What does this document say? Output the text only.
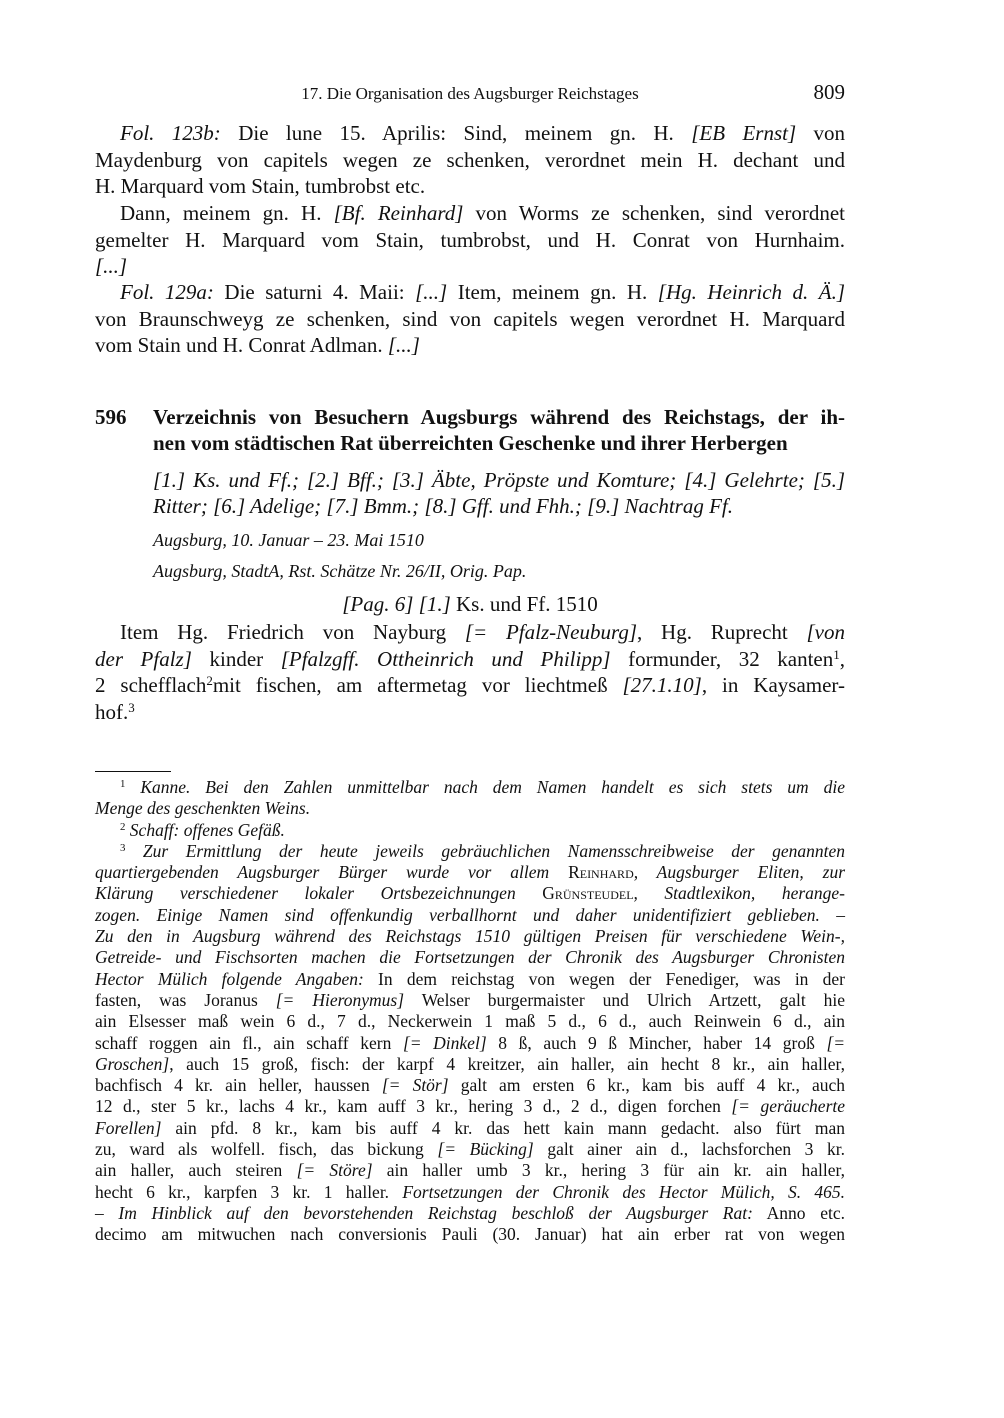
17. Die Organisation des Augsburger Reichstages	809
Fol. 123b: Die lune 15. Aprilis: Sind, meinem gn. H. [EB Ernst] von
Maydenburg von capitels wegen ze schenken, verordnet mein H. dechant und
H. Marquard vom Stain, tumbrobst etc.
Dann, meinem gn. H. [Bf. Reinhard] von Worms ze schenken, sind verordnet
gemelter H. Marquard vom Stain, tumbrobst, und H. Conrat von Hurnhaim.
[...]
Fol. 129a: Die saturni 4. Maii: [...] Item, meinem gn. H. [Hg. Heinrich d. Ä.]
von Braunschweyg ze schenken, sind von capitels wegen verordnet H. Marquard
vom Stain und H. Conrat Adlman. [...]
596 Verzeichnis von Besuchern Augsburgs während des Reichstags, der ih-
nen vom städtischen Rat überreichten Geschenke und ihrer Herbergen
[1.] Ks. und Ff.; [2.] Bff.; [3.] Äbte, Pröpste und Komture; [4.] Gelehrte; [5.]
Ritter; [6.] Adelige; [7.] Bmm.; [8.] Gff. und Fhh.; [9.] Nachtrag Ff.
Augsburg, 10. Januar – 23. Mai 1510
Augsburg, StadtA, Rst. Schätze Nr. 26/II, Orig. Pap.
[Pag. 6] [1.] Ks. und Ff. 1510
Item Hg. Friedrich von Nayburg [= Pfalz-Neuburg], Hg. Ruprecht [von
der Pfalz] kinder [Pfalzgff. Ottheinrich und Philipp] formunder, 32 kanten$^1$,
2 schefflach$^2$mit fischen, am aftermetag vor liechtmeß [27.1.10], in Kaysamer-
hof.$^3$
$^1$ Kanne. Bei den Zahlen unmittelbar nach dem Namen handelt es sich stets um die
Menge des geschenkten Weins.
$^2$ Schaff: offenes Gefäß.
$^3$ Zur Ermittlung der heute jeweils gebräuchlichen Namensschreibweise der genannten
quartiergebenden Augsburger Bürger wurde vor allem Reinhard, Augsburger Eliten, zur
Klärung verschiedener lokaler Ortsbezeichnungen Grünsteudel, Stadtlexikon, herange-
zogen. Einige Namen sind offenkundig verballhornt und daher unidentifiziert geblieben. –
Zu den in Augsburg während des Reichstags 1510 gültigen Preisen für verschiedene Wein-,
Getreide- und Fischsorten machen die Fortsetzungen der Chronik des Augsburger Chronisten
Hector Mülich folgende Angaben: In dem reichstag von wegen der Fenediger, was in der
fasten, was Joranus [= Hieronymus] Welser burgermaister und Ulrich Artzett, galt hie
ain Elsesser maß wein 6 d., 7 d., Neckerwein 1 maß 5 d., 6 d., auch Reinwein 6 d., ain
schaff roggen ain fl., ain schaff kern [= Dinkel] 8 ß, auch 9 ß Mincher, haber 14 groß [=
Groschen], auch 15 groß, fisch: der karpf 4 kreitzer, ain haller, ain hecht 8 kr., ain haller,
bachfisch 4 kr. ain heller, haussen [= Stör] galt am ersten 6 kr., kam bis auff 4 kr., auch
12 d., ster 5 kr., lachs 4 kr., kam auff 3 kr., hering 3 d., 2 d., digen forchen [= geräucherte
Forellen] ain pfd. 8 kr., kam bis auff 4 kr. das hett kain mann gedacht. also fürt man
zu, ward als wolfell. fisch, das bickung [= Bücking] galt ainer ain d., lachsforchen 3 kr.
ain haller, auch steiren [= Störe] ain haller umb 3 kr., hering 3 für ain kr. ain haller,
hecht 6 kr., karpfen 3 kr. 1 haller. Fortsetzungen der Chronik des Hector Mülich, S. 465.
– Im Hinblick auf den bevorstehenden Reichstag beschloß der Augsburger Rat: Anno etc.
decimo am mitwuchen nach conversionis Pauli (30. Januar) hat ain erber rat von wegen
